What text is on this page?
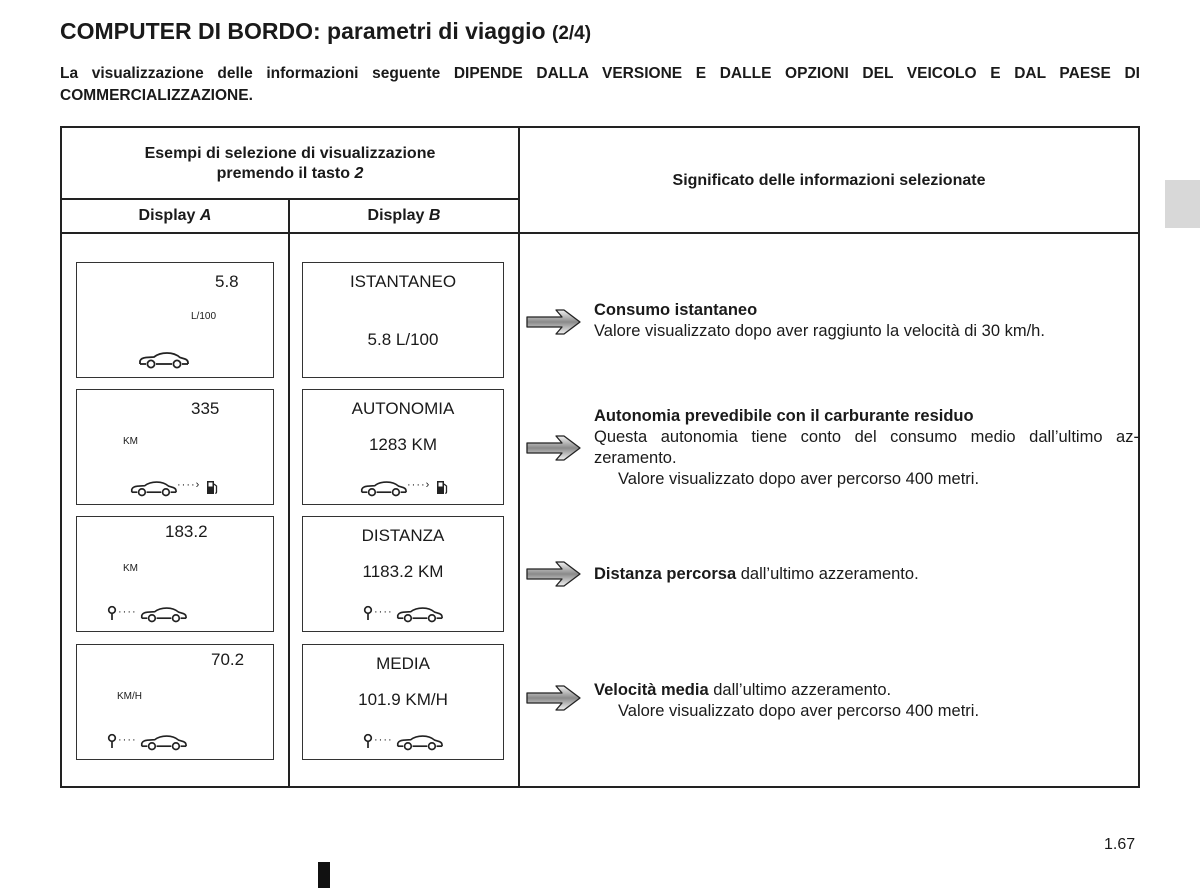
COMPUTER DI BORDO: parametri di viaggio (2/4)
La visualizzazione delle informazioni seguente DIPENDE DALLA VERSIONE E DALLE OPZIONI DEL VEICOLO E DAL PAESE DI COMMERCIALIZZAZIONE.
Esempi di selezione di visualizzazione
premendo il tasto 2	Significato delle informazioni selezionate
Display A	Display B
5.8
L/100
ISTANTANEO
5.8 L/100
Consumo istantaneo
Valore visualizzato dopo aver raggiunto la velocità di 30 km/h.
335
KM
····›
AUTONOMIA
1283 KM
····›
Autonomia prevedibile con il carburante residuo
Questa autonomia tiene conto del consumo medio dall’ultimo azzeramento.
Valore visualizzato dopo aver percorso 400 metri.
183.2
KM
····
DISTANZA
1183.2 KM
····
Distanza percorsa dall’ultimo azzeramento.
70.2
KM/H
····
MEDIA
101.9 KM/H
····
Velocità media dall’ultimo azzeramento.
Valore visualizzato dopo aver percorso 400 metri.
1.67
